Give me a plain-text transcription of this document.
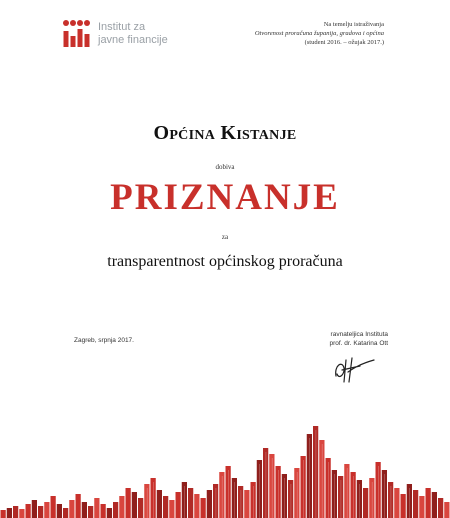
Institut za
javne financije
Na temelju istraživanja
Otvorenost proračuna županija, gradova i općina
(studeni 2016. – ožujak 2017.)
Općina Kistanje
dobiva
PRIZNANJE
za
transparentnost općinskog proračuna
Zagreb, srpnja 2017.
ravnateljica Instituta
prof. dr. Katarina Ott
